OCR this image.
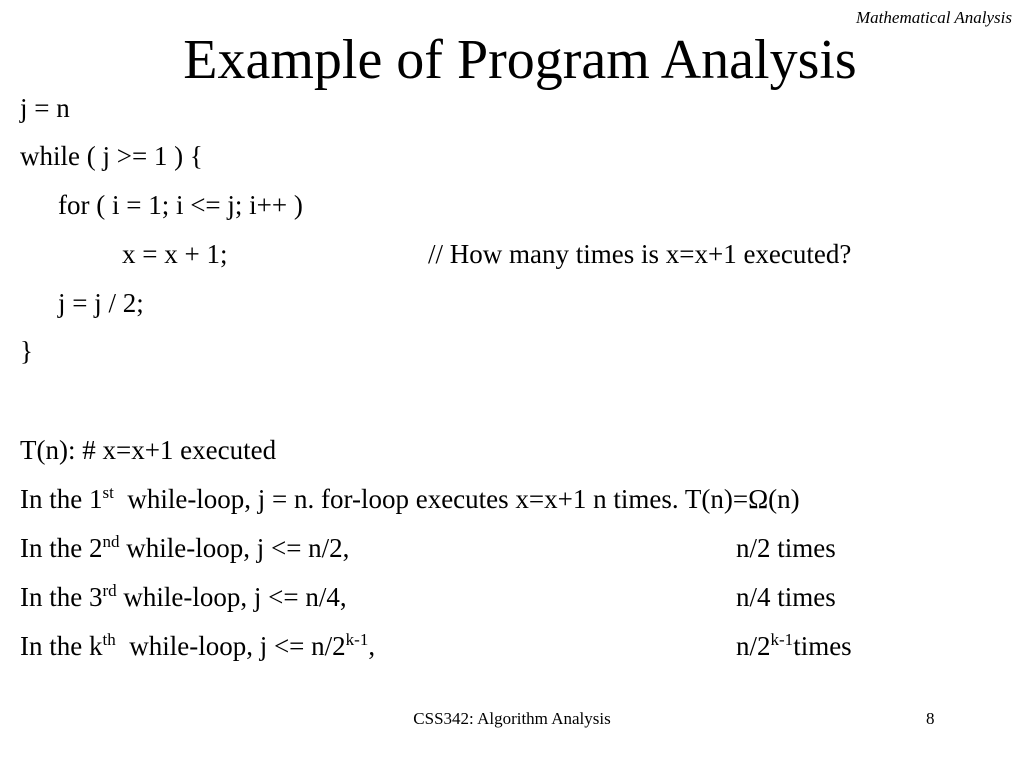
Mathematical Analysis
Example of Program Analysis
j = n
while ( j >= 1 ) {
for ( i = 1; i <= j; i++ )
x = x + 1;	// How many times is x=x+1 executed?
j = j / 2;
}
T(n): # x=x+1 executed
In the 1st  while-loop, j = n. for-loop executes x=x+1 n times. T(n)=Ω(n)
In the 2nd while-loop, j <= n/2,	n/2 times
In the 3rd while-loop, j <= n/4,	n/4 times
In the $k^{th}$  while-loop, $j <= n/2^{k-1}$,	n/2$^{k-1}$times
CSS342: Algorithm Analysis	8
